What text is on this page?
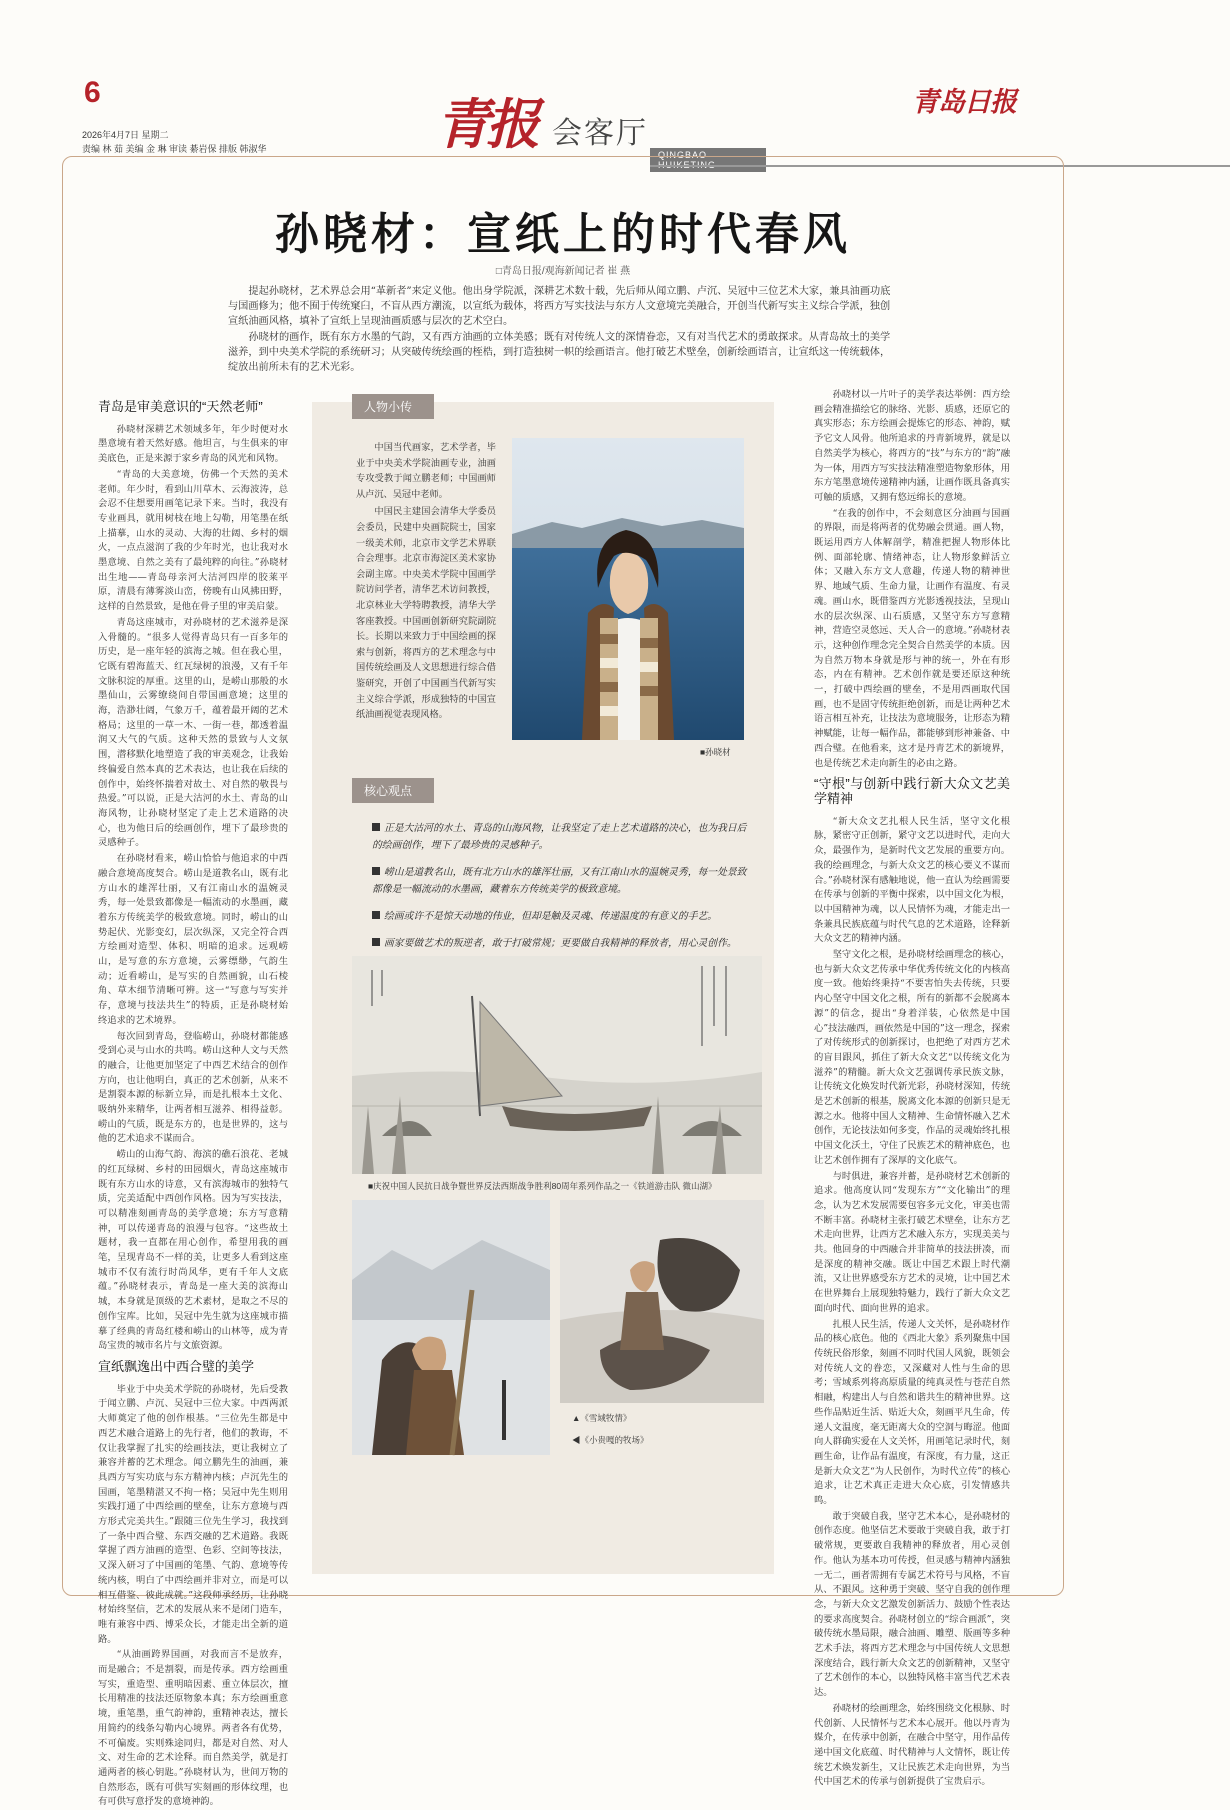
6
2026年4月7日 星期二
责编 林 茹 美编 金 琳 审读 綦岩保 排版 韩淑华	青报 会客厅
QINGBAO
青岛日报
孙晓材：宣纸上的时代春风
□青岛日报/观海新闻记者 崔 燕

提起孙晓材，艺术界总会用“革新者”来定义他。他出身学院派，深耕艺术数十载，先后师从闻立鹏、卢沉、吴冠中三位艺术大家，兼具油画功底与国画修为；他不囿于传统窠臼，不盲从西方潮流，以宣纸为载体，将西方写实技法与东方人文意境完美融合，开创当代新写实主义综合学派，独创宣纸油画风格，填补了宣纸上呈现油画质感与层次的艺术空白。

孙晓材的画作，既有东方水墨的气韵，又有西方油画的立体美感；既有对传统人文的深情眷恋，又有对当代艺术的勇敢探求。从青岛故土的美学滋养，到中央美术学院的系统研习；从突破传统绘画的桎梏，到打造独树一帜的绘画语言。他打破艺术壁垒，创新绘画语言，让宣纸这一传统载体，绽放出前所未有的艺术光彩。

青岛是审美意识的“天然老师”

孙晓材深耕艺术领域多年，年少时便对水墨意境有着天然好感。他坦言，与生俱来的审美底色，正是来源于家乡青岛的风光和风物。

“青岛的大美意境，仿佛一个天然的美术老师。年少时，看到山川草木、云海波涛，总会忍不住想要用画笔记录下来。当时，我没有专业画具，就用树枝在地上勾勒，用笔墨在纸上描摹，山水的灵动、大海的壮阔、乡村的烟火，一点点滋润了我的少年时光，也让我对水墨意境、自然之美有了最纯粹的向往。”孙晓材出生地——青岛母亲河大沽河四岸的胶莱平原，清晨有薄雾淡山峦，傍晚有山风拂田野，这样的自然景致，是他在骨子里的审美启蒙。

青岛这座城市，对孙晓材的艺术滋养是深入骨髓的。“很多人觉得青岛只有一百多年的历史，是一座年轻的滨海之城。但在我心里，它既有碧海蓝天、红瓦绿树的浪漫，又有千年文脉积淀的厚重。这里的山，是崂山那般的水墨仙山，云雾缭绕间自带国画意境；这里的海，浩渺壮阔，气象万千，蕴着最开阔的艺术格局；这里的一草一木、一街一巷，都透着温润又大气的气质。这种天然的景致与人文氛围，潜移默化地塑造了我的审美观念，让我始终偏爱自然本真的艺术表达，也让我在后续的创作中，始终怀揣着对故土、对自然的敬畏与热爱。”可以说，正是大沽河的水土、青岛的山海风物，让孙晓材坚定了走上艺术道路的决心，也为他日后的绘画创作，埋下了最珍贵的灵感种子。

在孙晓材看来，崂山恰恰与他追求的中西融合意境高度契合。崂山是道教名山，既有北方山水的雄浑壮丽，又有江南山水的温婉灵秀，每一处景致都像是一幅流动的水墨画，藏着东方传统美学的极致意境。同时，崂山的山势起伏、光影变幻，层次纵深，又完全符合西方绘画对造型、体积、明暗的追求。远观崂山，是写意的东方意境，云雾缥缈，气韵生动；近看崂山，是写实的自然画貌，山石棱角、草木细节清晰可辨。这一“写意与写实并存，意境与技法共生”的特质，正是孙晓材始终追求的艺术境界。

每次回到青岛，登临崂山，孙晓材都能感受到心灵与山水的共鸣。崂山这种人文与天然的融合，让他更加坚定了中西艺术结合的创作方向，也让他明白，真正的艺术创新，从来不是割裂本源的标新立异，而是扎根本土文化、吸纳外来精华，让两者相互滋养、相得益彰。崂山的气质，既是东方的，也是世界的，这与他的艺术追求不谋而合。

崂山的山海气韵、海滨的礁石浪花、老城的红瓦绿树、乡村的田园烟火，青岛这座城市既有东方山水的诗意，又有滨海城市的独特气质，完美适配中西创作风格。因为写实技法，可以精准刻画青岛的美学意境；东方写意精神，可以传递青岛的浪漫与包容。“这些故土题材，我一直都在用心创作，希望用我的画笔，呈现青岛不一样的美，让更多人看到这座城市不仅有流行时尚风华，更有千年人文底蕴。”孙晓材表示，青岛是一座大美的滨海山城，本身就是顶级的艺术素材，是取之不尽的创作宝库。比如，吴冠中先生就为这座城市描摹了经典的青岛红楼和崂山的山林等，成为青岛宝贵的城市名片与文旅资源。

宣纸飘逸出中西合璧的美学

毕业于中央美术学院的孙晓材，先后受教于闻立鹏、卢沉、吴冠中三位大家。中西两派大师奠定了他的创作根基。“三位先生都是中西艺术融合道路上的先行者，他们的教诲，不仅让我掌握了扎实的绘画技法，更让我树立了兼容并蓄的艺术理念。闻立鹏先生的油画，兼具西方写实功底与东方精神内核；卢沉先生的国画，笔墨精湛又不拘一格；吴冠中先生则用实践打通了中西绘画的壁垒，让东方意境与西方形式完美共生。”跟随三位先生学习，我找到了一条中西合璧、东西交融的艺术道路。我既掌握了西方油画的造型、色彩、空间等技法，又深入研习了中国画的笔墨、气韵、意境等传统内核，明白了中西绘画并非对立，而是可以相互借鉴、彼此成就。”这段师承经历，让孙晓材始终坚信，艺术的发展从来不是闭门造车，唯有兼容中西、博采众长，才能走出全新的道路。

“从油画跨界国画，对我而言不是放弃，而是融合；不是割裂，而是传承。西方绘画重写实，重造型、重明暗因素、重立体层次，擅长用精准的技法还原物象本真；东方绘画重意境，重笔墨，重气韵神韵，重精神表达，擅长用简约的线条勾勒内心境界。两者各有优势，不可偏废。实则殊途同归，都是对自然、对人文、对生命的艺术诠释。而自然美学，就是打通两者的核心钥匙。”孙晓材认为，世间万物的自然形态，既有可供写实刻画的形体纹理，也有可供写意抒发的意境神韵。

人物小传

中国当代画家，艺术学者，毕业于中央美术学院油画专业，油画专攻受教于闻立鹏老师；中国画师从卢沉、吴冠中老师。

中国民主建国会清华大学委员会委员，民建中央画院院士，国家一级美术师，北京市文学艺术界联合会理事。北京市海淀区美术家协会副主席。中央美术学院中国画学院访问学者，清华艺术访问教授，北京林业大学特聘教授，清华大学客座教授。中国画创新研究院副院长。长期以来致力于中国绘画的探索与创新，将西方的艺术理念与中国传统绘画及人文思想进行综合借鉴研究，开创了中国画当代新写实主义综合学派，形成独特的中国宣纸油画视觉表现风格。

■孙晓材
核心观点

正是大沽河的水土、青岛的山海风物，让我坚定了走上艺术道路的决心，也为我日后的绘画创作，埋下了最珍贵的灵感种子。

崂山是道教名山，既有北方山水的雄浑壮丽，又有江南山水的温婉灵秀，每一处景致都像是一幅流动的水墨画，藏着东方传统美学的极致意境。

绘画或许不是惊天动地的伟业，但却是触及灵魂、传递温度的有意义的手艺。

画家要做艺术的叛逆者，敢于打破常规；更要做自我精神的释放者，用心灵创作。

■庆祝中国人民抗日战争暨世界反法西斯战争胜利80周年系列作品之一《铁道游击队 微山湖》
▲《雪域牧情》
◀《小贵嘎的牧场》

孙晓材以一片叶子的美学表达举例：西方绘画会精准描绘它的脉络、光影、质感，还原它的真实形态；东方绘画会提炼它的形态、神韵，赋予它文人风骨。他所追求的丹青新境界，就是以自然美学为核心，将西方的“技”与东方的“韵”融为一体，用西方写实技法精准塑造物象形体，用东方笔墨意境传递精神内涵，让画作既具备真实可触的质感，又拥有悠远绵长的意境。

“在我的创作中，不会刻意区分油画与国画的界限，而是将两者的优势融会贯通。画人物，既运用西方人体解剖学，精准把握人物形体比例、面部轮廓、情绪神态，让人物形象鲜活立体；又融入东方文人意趣，传递人物的精神世界、地域气质、生命力量，让画作有温度、有灵魂。画山水，既借鉴西方光影透视技法，呈现山水的层次纵深、山石质感，又坚守东方写意精神，营造空灵悠远、天人合一的意境。”孙晓材表示，这种创作理念完全契合自然美学的本质。因为自然万物本身就是形与神的统一，外在有形态，内在有精神。艺术创作就是要还原这种统一，打破中西绘画的壁垒，不是用西画取代国画，也不是固守传统拒绝创新，而是让两种艺术语言相互补充，让技法为意境服务，让形态为精神赋能，让每一幅作品，都能够到形神兼备、中西合璧。在他看来，这才是丹青艺术的新境界，也是传统艺术走向新生的必由之路。

“守根”与创新中践行新大众文艺美学精神

“新大众文艺扎根人民生活，坚守文化根脉，紧密守正创新，紧守文艺以进时代，走向大众，最强作为，是新时代文艺发展的重要方向。我的绘画理念，与新大众文艺的核心要义不谋而合。”孙晓材深有感触地说，他一直认为绘画需要在传承与创新的平衡中探索，以中国文化为根，以中国精神为魂，以人民情怀为魂，才能走出一条兼具民族底蕴与时代气息的艺术道路，诠释新大众文艺的精神内涵。

坚守文化之根，是孙晓材绘画理念的核心，也与新大众文艺传承中华优秀传统文化的内核高度一致。他始终秉持“不要害怕失去传统，只要内心坚守中国文化之根，所有的新都不会脱离本源”的信念，提出“身着洋装，心依然是中国心”技法融西，画依然是中国的”这一理念，探索了对传统形式的创新探讨，也把绝了对西方艺术的盲目跟风，抓住了新大众文艺“以传统文化为滋养”的精髓。新大众文艺强调传承民族文脉，让传统文化焕发时代新光彩，孙晓材深知，传统是艺术创新的根基，脱离文化本源的创新只是无源之水。他将中国人文精神、生命情怀融入艺术创作，无论技法如何多变，作品的灵魂始终扎根中国文化沃土，守住了民族艺术的精神底色，也让艺术创作拥有了深厚的文化底气。

与时俱进，兼容并蓄，是孙晓材艺术创新的追求。他高度认同“发现东方”“文化输出”的理念，认为艺术发展需要包容多元文化，审美也需不断丰富。孙晓材主张打破艺术壁垒，让东方艺术走向世界，让西方艺术融入东方，实现美美与共。他回身的中西融合并非简单的技法拼凑，而是深度的精神交融。既让中国艺术跟上时代潮流，又让世界感受东方艺术的灵境，让中国艺术在世界舞台上展现独特魅力，践行了新大众文艺面向时代、面向世界的追求。

扎根人民生活，传递人文关怀，是孙晓材作品的核心底色。他的《西北大象》系列聚焦中国传统民俗形象，刻画不同时代国人风貌，既领会对传统人文的眷恋，又深藏对人性与生命的思考；雪域系列将高原质量的纯真灵性与苍茫自然相融，构建出人与自然和谐共生的精神世界。这些作品贴近生活、贴近大众，刻画平凡生命，传递人文温度，毫无距离大众的空洞与晦涩。他面向人群确实爱在人文关怀，用画笔记录时代，刻画生命，让作品有温度，有深度，有力量，这正是新大众文艺“为人民创作，为时代立传”的核心追求，让艺术真正走进大众心底，引发情感共鸣。

敢于突破自我，坚守艺术本心，是孙晓材的创作态度。他坚信艺术要敢于突破自我，敢于打破常规，更要敢自我精神的释放者，用心灵创作。他认为基本功可传授，但灵感与精神内涵独一无二，画者需拥有专属艺术符号与风格，不盲从、不跟风。这种勇于突破、坚守自我的创作理念，与新大众文艺激发创新活力、鼓励个性表达的要求高度契合。孙晓材创立的“综合画派”，突破传统水墨局限，融合油画、雕塑、版画等多种艺术手法，将西方艺术理念与中国传统人文思想深度结合，践行新大众文艺的创新精神，又坚守了艺术创作的本心，以独特风格丰富当代艺术表达。

孙晓材的绘画理念，始终围绕文化根脉、时代创新、人民情怀与艺术本心展开。他以丹青为媒介，在传承中创新，在融合中坚守，用作品传递中国文化底蕴、时代精神与人文情怀，既让传统艺术焕发新生，又让民族艺术走向世界，为当代中国艺术的传承与创新提供了宝贵启示。
